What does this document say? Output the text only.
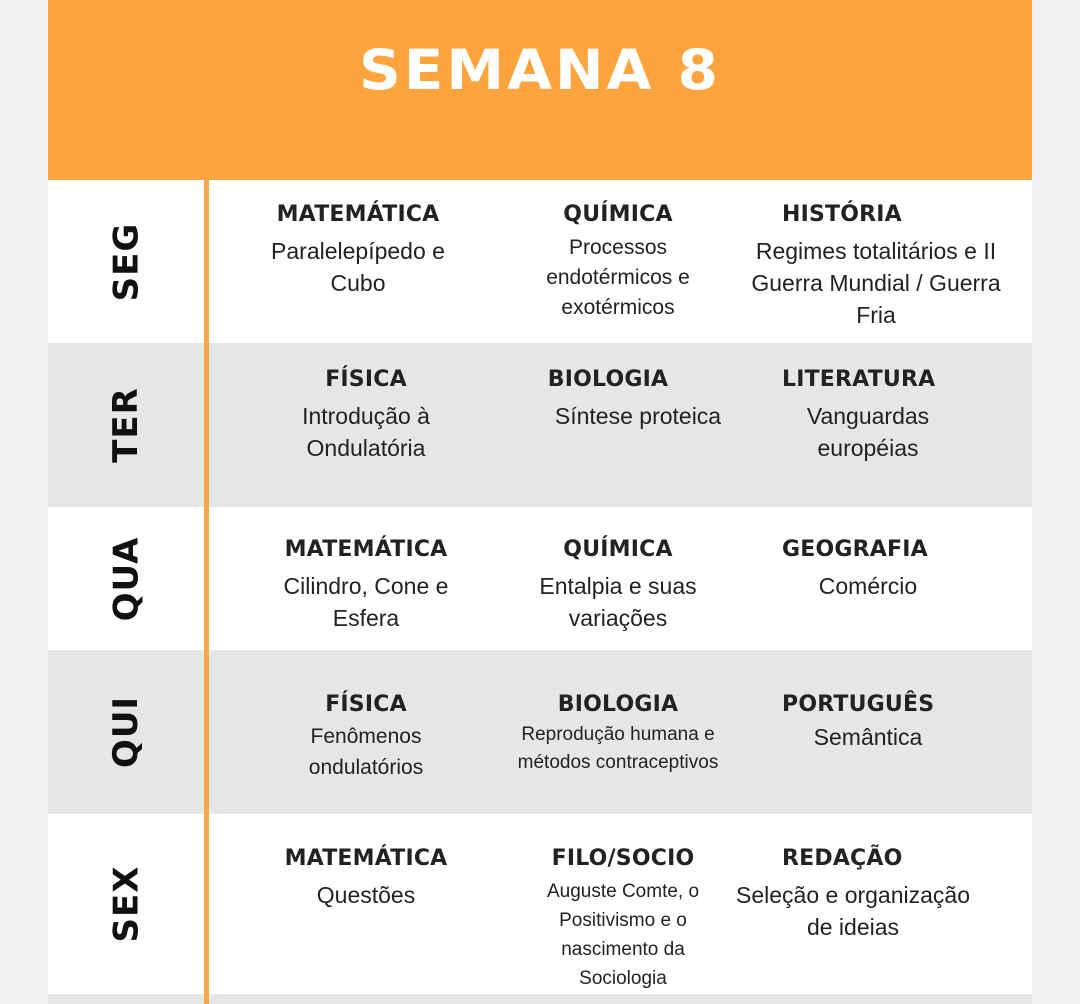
SEMANA 8
SEG
MATEMÁTICA
Paralelepípedo e Cubo
QUÍMICA
Processos endotérmicos e exotérmicos
HISTÓRIA
Regimes totalitários e II Guerra Mundial / Guerra Fria
TER
FÍSICA
Introdução à Ondulatória
BIOLOGIA
Síntese proteica
LITERATURA
Vanguardas européias
QUA	MATEMÁTICA
Cilindro, Cone e Esfera
QUÍMICA
Entalpia e suas variações
GEOGRAFIA
Comércio
QUI	FÍSICA
Fenômenos ondulatórios
BIOLOGIA
Reprodução humana e métodos contraceptivos
PORTUGUÊS
Semântica
SEX
MATEMÁTICA
Questões
FILO/SOCIO
Auguste Comte, o Positivismo e o nascimento da Sociologia
REDAÇÃO
Seleção e organização de ideias
